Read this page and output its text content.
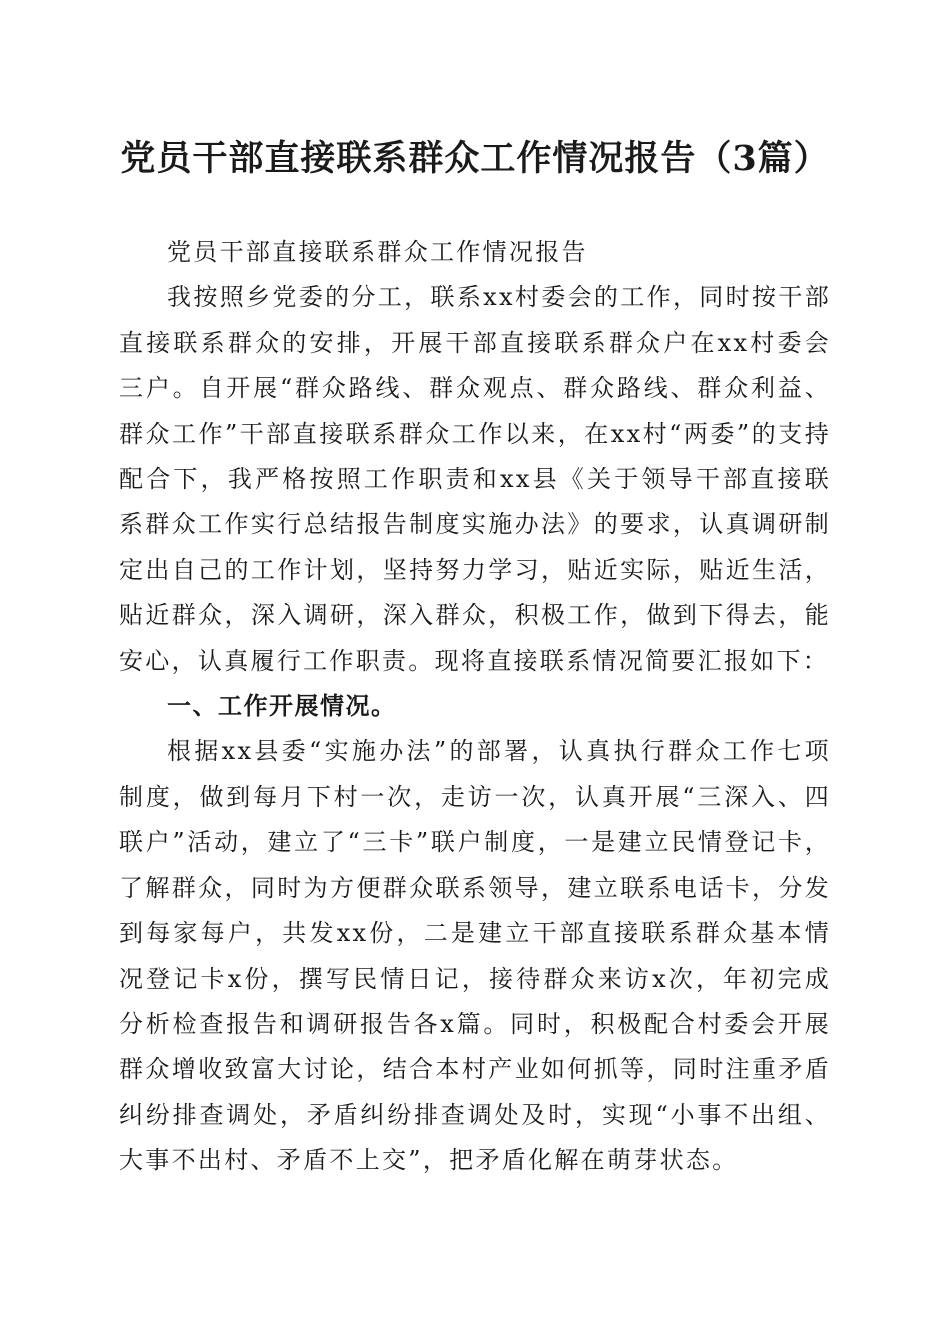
党员干部直接联系群众工作情况报告（3篇）

党员干部直接联系群众工作情况报告

我按照乡党委的分工，联系xx村委会的工作，同时按干部直接联系群众的安排，开展干部直接联系群众户在xx村委会三户。自开展“群众路线、群众观点、群众路线、群众利益、群众工作”干部直接联系群众工作以来，在xx村“两委”的支持配合下，我严格按照工作职责和xx县《关于领导干部直接联系群众工作实行总结报告制度实施办法》的要求，认真调研制定出自己的工作计划，坚持努力学习，贴近实际，贴近生活，贴近群众，深入调研，深入群众，积极工作，做到下得去，能安心，认真履行工作职责。现将直接联系情况简要汇报如下：

一、工作开展情况。

根据xx县委“实施办法”的部署，认真执行群众工作七项制度，做到每月下村一次，走访一次，认真开展“三深入、四联户”活动，建立了“三卡”联户制度，一是建立民情登记卡，了解群众，同时为方便群众联系领导，建立联系电话卡，分发到每家每户，共发xx份，二是建立干部直接联系群众基本情况登记卡x份，撰写民情日记，接待群众来访x次，年初完成分析检查报告和调研报告各x篇。同时，积极配合村委会开展群众增收致富大讨论，结合本村产业如何抓等，同时注重矛盾纠纷排查调处，矛盾纠纷排查调处及时，实现“小事不出组、大事不出村、矛盾不上交”，把矛盾化解在萌芽状态。
